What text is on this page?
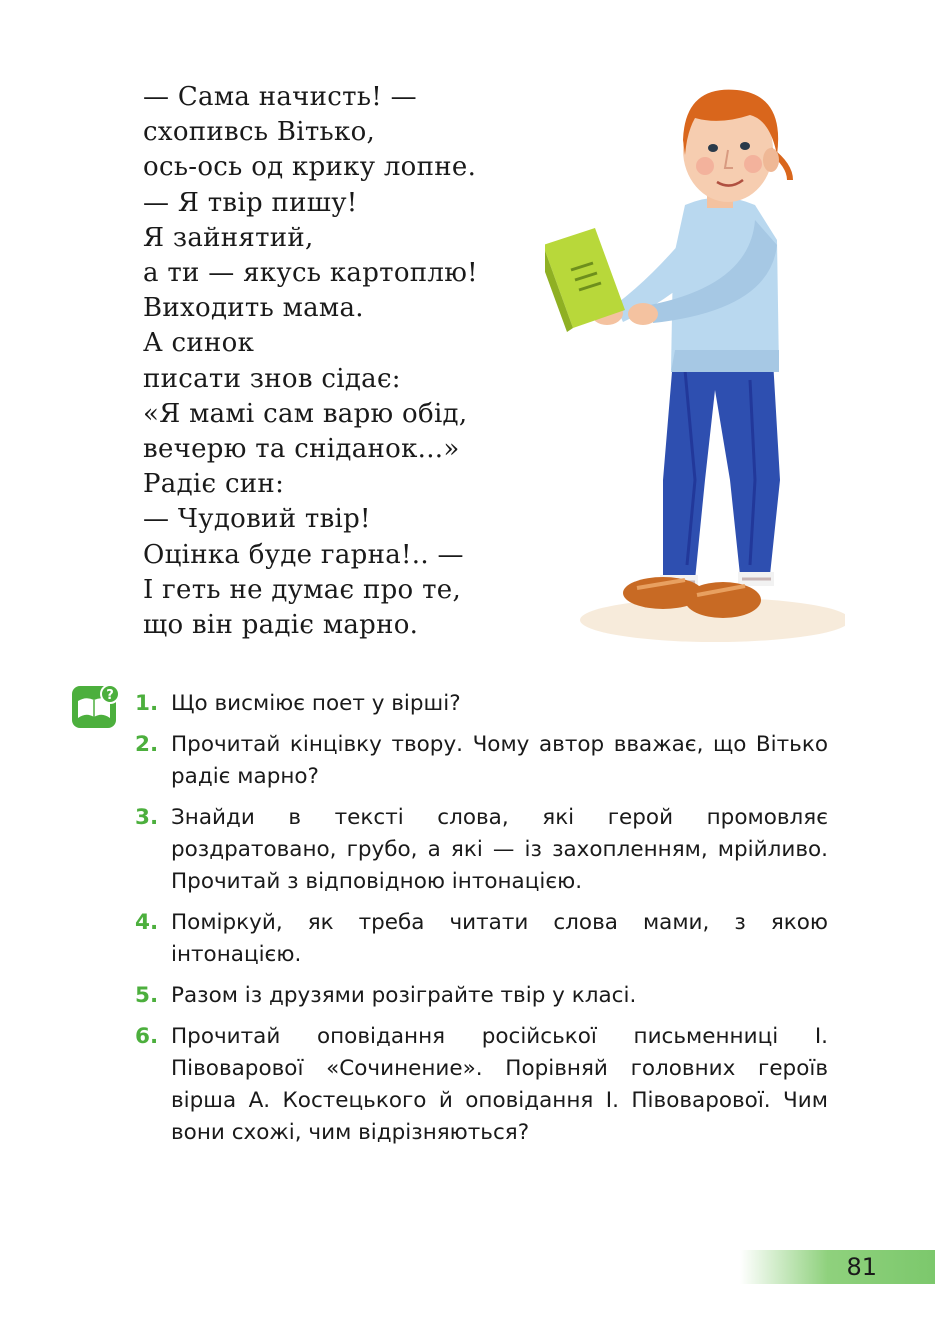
— Сама начисть! —
схопивсь Вітько,
ось-ось од крику лопне.
— Я твір пишу!
Я зайнятий,
а ти — якусь картоплю!
Виходить мама.
А синок
писати знов сідає:
«Я мамі сам варю обід,
вечерю та сніданок...»
Радіє син:
— Чудовий твір!
Оцінка буде гарна!.. —
І геть не думає про те,
що він радіє марно.
? 1. Що висміює поет у вірші?
2. Прочитай кінцівку твору. Чому автор вважає, що Вітько радіє марно?
3. Знайди в тексті слова, які герой промовляє роздратовано, грубо, а які — із захопленням, мрійливо. Прочитай з відповідною інтонацією.
4. Поміркуй, як треба читати слова мами, з якою інтонацією.
5. Разом із друзями розіграйте твір у класі.
6. Прочитай оповідання російської письменниці І. Півоварової «Сочинение». Порівняй головних героїв вірша А. Костецького й оповідання І. Півоварової. Чим вони схожі, чим відрізняються?
81
